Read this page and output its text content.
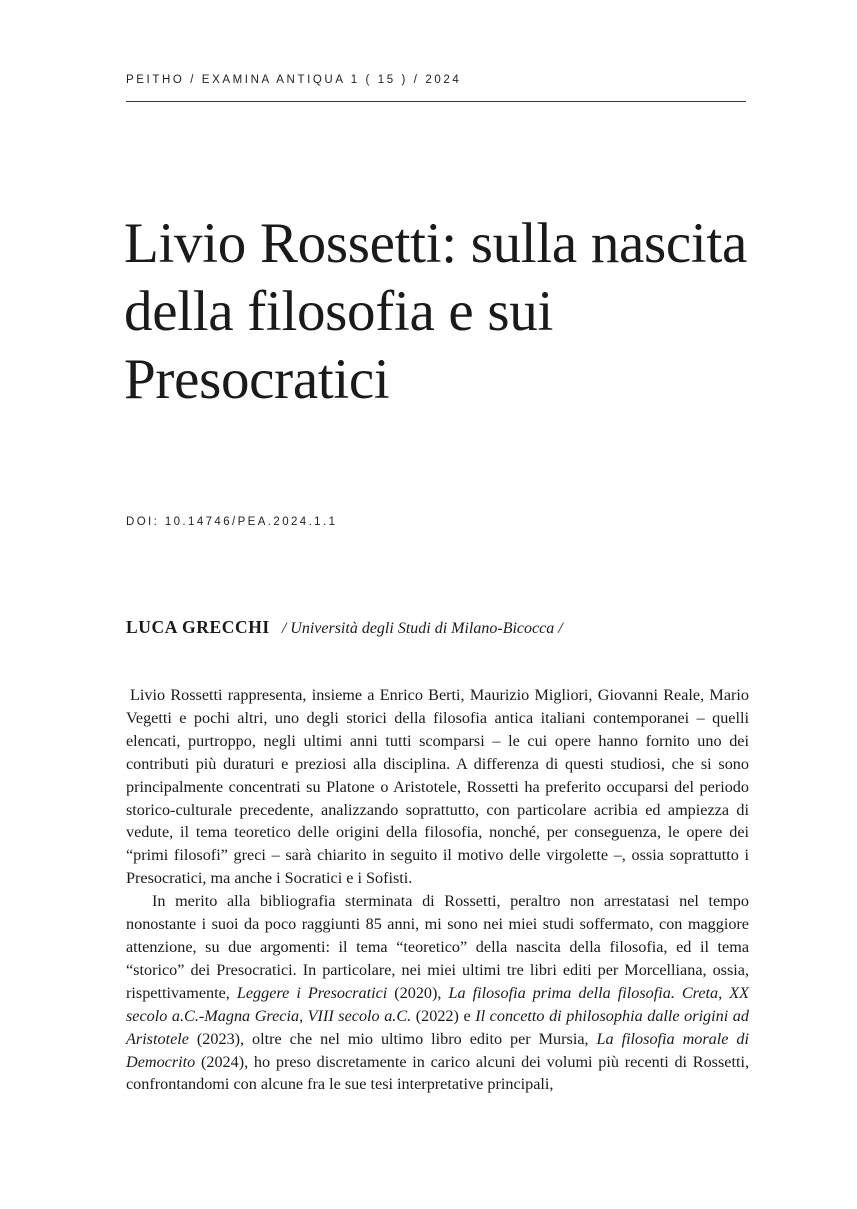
PEITHO / EXAMINA ANTIQUA 1 ( 15 ) / 2024
Livio Rossetti: sulla nascita della filosofia e sui Presocratici
DOI: 10.14746/PEA.2024.1.1
LUCA GRECCHI / Università degli Studi di Milano-Bicocca /

Livio Rossetti rappresenta, insieme a Enrico Berti, Maurizio Migliori, Giovanni Reale, Mario Vegetti e pochi altri, uno degli storici della filosofia antica italiani contemporanei – quelli elencati, purtroppo, negli ultimi anni tutti scomparsi – le cui opere hanno fornito uno dei contributi più duraturi e preziosi alla disciplina. A differenza di questi studiosi, che si sono principalmente concentrati su Platone o Aristotele, Rossetti ha preferito occuparsi del periodo storico-culturale precedente, analizzando soprattutto, con particolare acribia ed ampiezza di vedute, il tema teoretico delle origini della filosofia, nonché, per conseguenza, le opere dei “primi filosofi” greci – sarà chiarito in seguito il motivo delle virgolette –, ossia soprattutto i Presocratici, ma anche i Socratici e i Sofisti.

In merito alla bibliografia sterminata di Rossetti, peraltro non arrestatasi nel tempo nonostante i suoi da poco raggiunti 85 anni, mi sono nei miei studi soffermato, con maggiore attenzione, su due argomenti: il tema “teoretico” della nascita della filosofia, ed il tema “storico” dei Presocratici. In particolare, nei miei ultimi tre libri editi per Morcelliana, ossia, rispettivamente, Leggere i Presocratici (2020), La filosofia prima della filosofia. Creta, XX secolo a.C.-Magna Grecia, VIII secolo a.C. (2022) e Il concetto di philosophia dalle origini ad Aristotele (2023), oltre che nel mio ultimo libro edito per Mursia, La filosofia morale di Democrito (2024), ho preso discretamente in carico alcuni dei volumi più recenti di Rossetti, confrontandomi con alcune fra le sue tesi interpretative principali,
